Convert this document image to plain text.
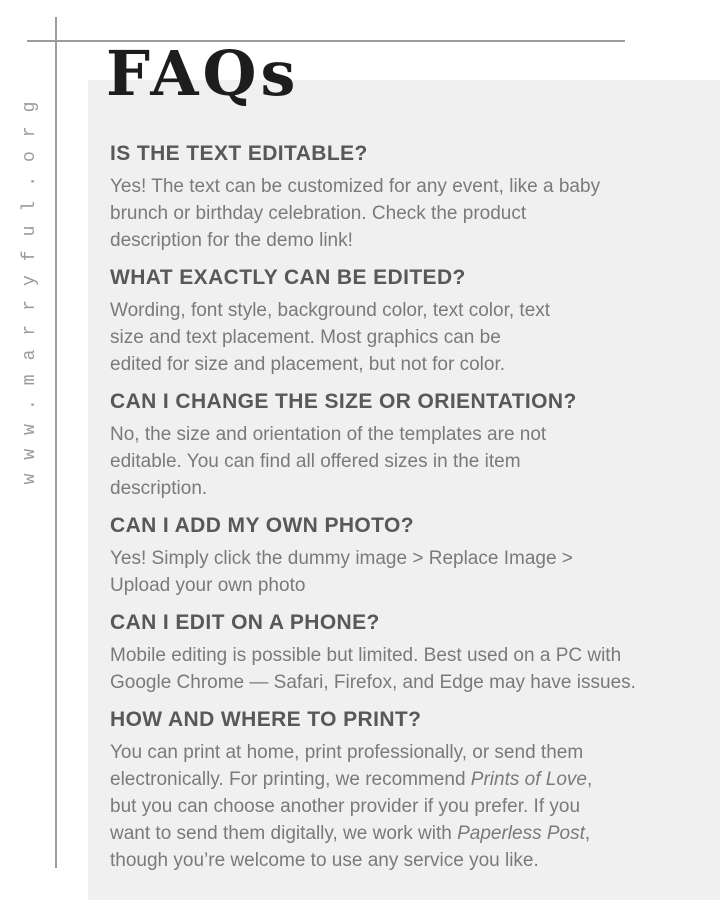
www.marryful.org
FAQs
IS THE TEXT EDITABLE?
Yes! The text can be customized for any event, like a baby
brunch or birthday celebration. Check the product
description for the demo link!
WHAT EXACTLY CAN BE EDITED?
Wording, font style, background color, text color, text
size and text placement. Most graphics can be
edited for size and placement, but not for color.
CAN I CHANGE THE SIZE OR ORIENTATION?
No, the size and orientation of the templates are not
editable. You can find all offered sizes in the item
description.
CAN I ADD MY OWN PHOTO?
Yes! Simply click the dummy image > Replace Image >
Upload your own photo
CAN I EDIT ON A PHONE?
Mobile editing is possible but limited. Best used on a PC with
Google Chrome — Safari, Firefox, and Edge may have issues.
HOW AND WHERE TO PRINT?
You can print at home, print professionally, or send them
electronically. For printing, we recommend Prints of Love,
but you can choose another provider if you prefer. If you
want to send them digitally, we work with Paperless Post,
though you’re welcome to use any service you like.
